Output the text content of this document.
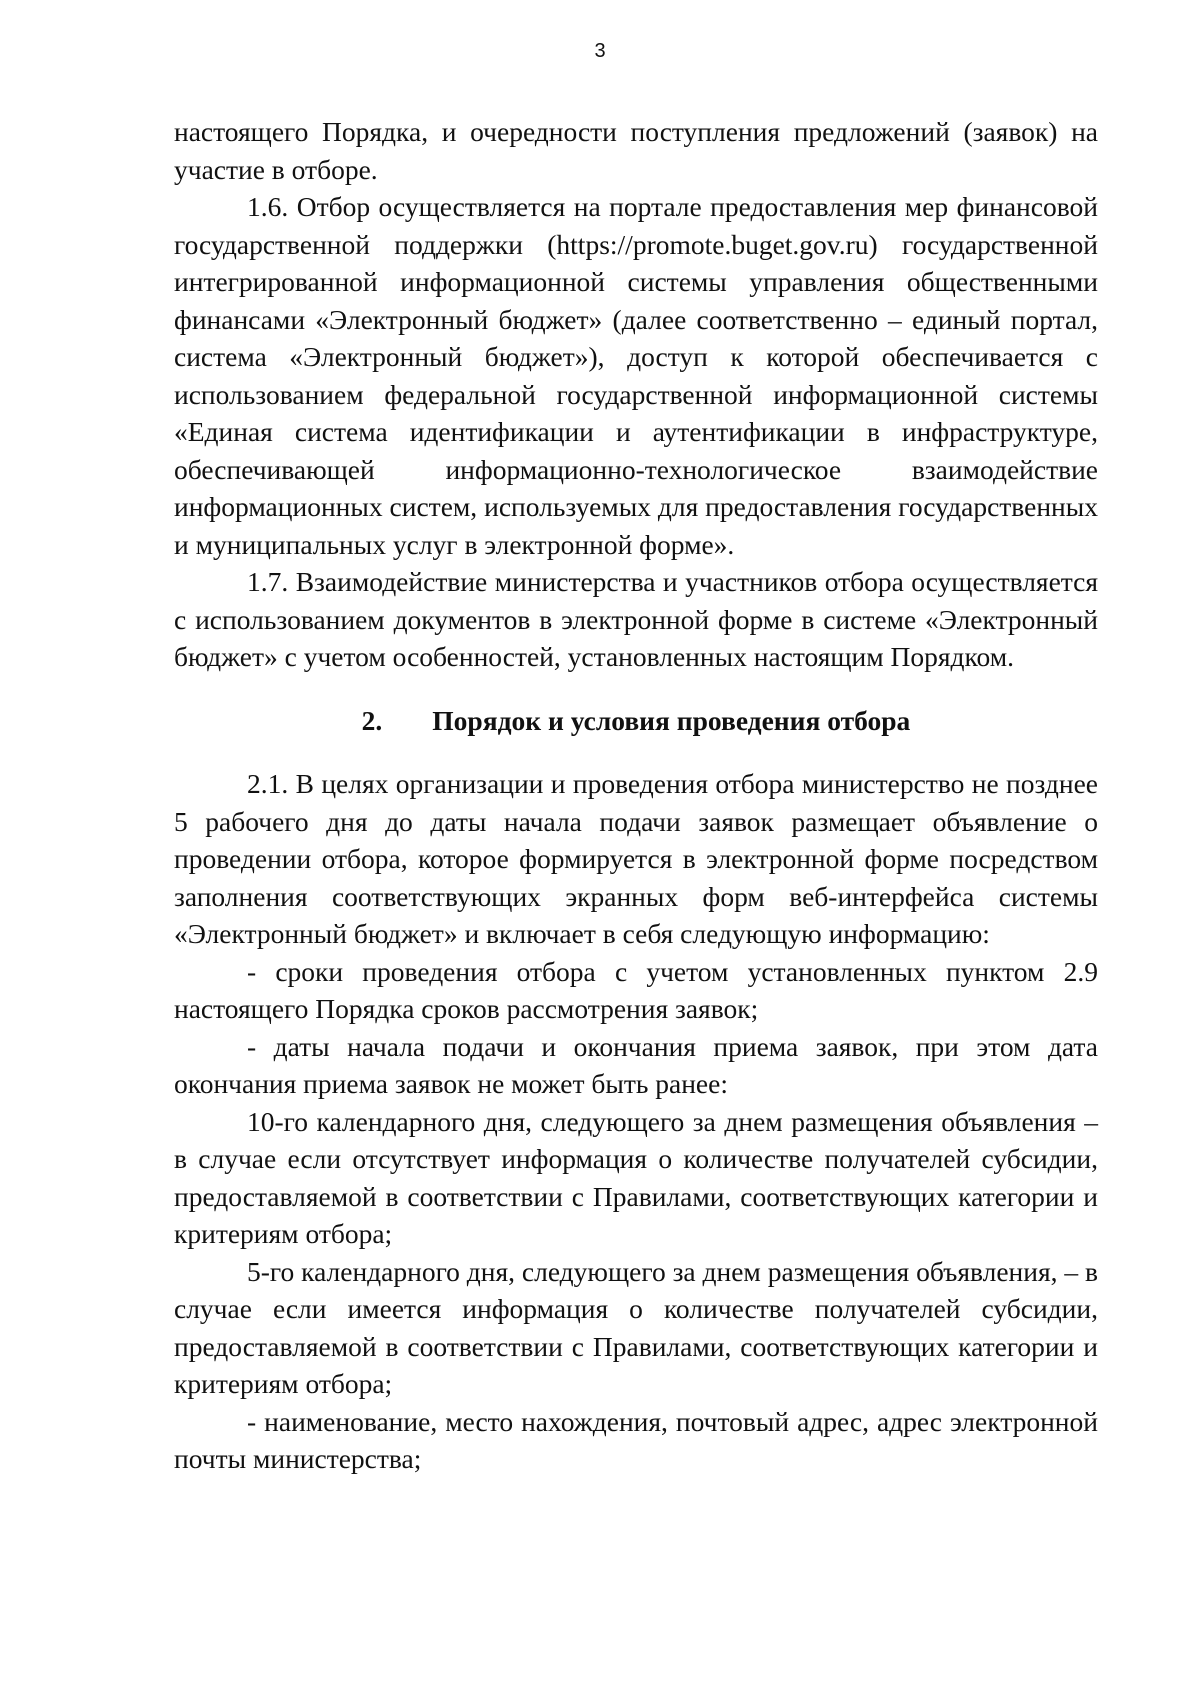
3

настоящего Порядка, и очередности поступления предложений (заявок) на участие в отборе.

1.6. Отбор осуществляется на портале предоставления мер финансовой государственной поддержки (https://promote.buget.gov.ru) государственной интегрированной информационной системы управления общественными финансами «Электронный бюджет» (далее соответственно – единый портал, система «Электронный бюджет»), доступ к которой обеспечивается с использованием федеральной государственной информационной системы «Единая система идентификации и аутентификации в инфраструктуре, обеспечивающей информационно-технологическое взаимодействие информационных систем, используемых для предоставления государственных и муниципальных услуг в электронной форме».

1.7. Взаимодействие министерства и участников отбора осуществляется с использованием документов в электронной форме в системе «Электронный бюджет» с учетом особенностей, установленных настоящим Порядком.

2. Порядок и условия проведения отбора

2.1. В целях организации и проведения отбора министерство не позднее 5 рабочего дня до даты начала подачи заявок размещает объявление о проведении отбора, которое формируется в электронной форме посредством заполнения соответствующих экранных форм веб-интерфейса системы «Электронный бюджет» и включает в себя следующую информацию:

- сроки проведения отбора с учетом установленных пунктом 2.9 настоящего Порядка сроков рассмотрения заявок;

- даты начала подачи и окончания приема заявок, при этом дата окончания приема заявок не может быть ранее:

10-го календарного дня, следующего за днем размещения объявления – в случае если отсутствует информация о количестве получателей субсидии, предоставляемой в соответствии с Правилами, соответствующих категории и критериям отбора;

5-го календарного дня, следующего за днем размещения объявления, – в случае если имеется информация о количестве получателей субсидии, предоставляемой в соответствии с Правилами, соответствующих категории и критериям отбора;

- наименование, место нахождения, почтовый адрес, адрес электронной почты министерства;
